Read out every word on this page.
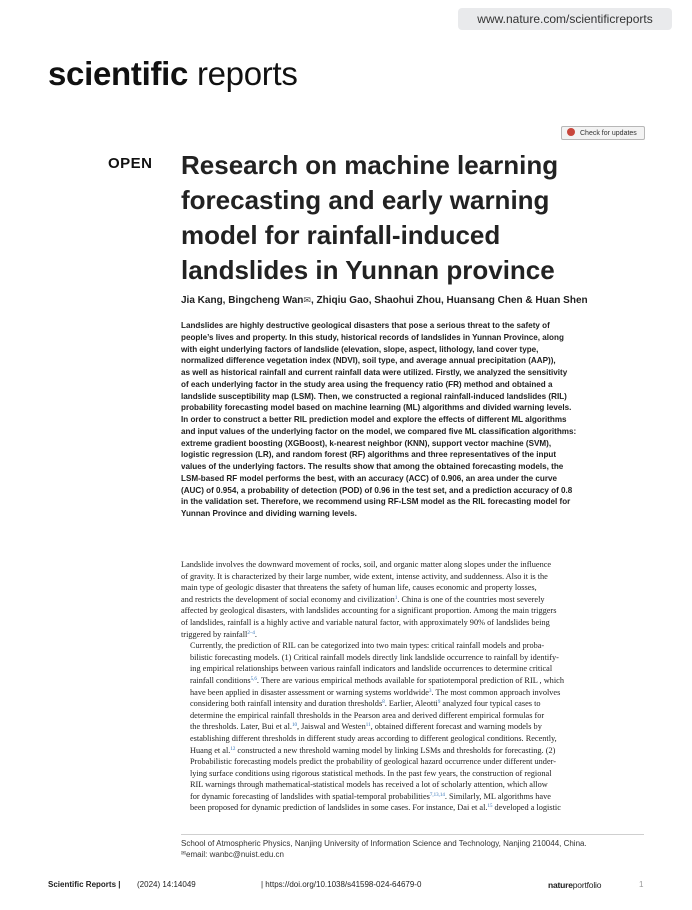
www.nature.com/scientificreports
scientific reports
Check for updates
OPEN Research on machine learning
forecasting and early warning
model for rainfall-induced
landslides in Yunnan province
Jia Kang, Bingcheng Wan✉, Zhiqiu Gao, Shaohui Zhou, Huansang Chen & Huan Shen
Landslides are highly destructive geological disasters that pose a serious threat to the safety of
people’s lives and property. In this study, historical records of landslides in Yunnan Province, along
with eight underlying factors of landslide (elevation, slope, aspect, lithology, land cover type,
normalized difference vegetation index (NDVI), soil type, and average annual precipitation (AAP)),
as well as historical rainfall and current rainfall data were utilized. Firstly, we analyzed the sensitivity
of each underlying factor in the study area using the frequency ratio (FR) method and obtained a
landslide susceptibility map (LSM). Then, we constructed a regional rainfall-induced landslides (RIL)
probability forecasting model based on machine learning (ML) algorithms and divided warning levels.
In order to construct a better RIL prediction model and explore the effects of different ML algorithms
and input values of the underlying factor on the model, we compared five ML classification algorithms:
extreme gradient boosting (XGBoost), k-nearest neighbor (KNN), support vector machine (SVM),
logistic regression (LR), and random forest (RF) algorithms and three representatives of the input
values of the underlying factors. The results show that among the obtained forecasting models, the
LSM-based RF model performs the best, with an accuracy (ACC) of 0.906, an area under the curve
(AUC) of 0.954, a probability of detection (POD) of 0.96 in the test set, and a prediction accuracy of 0.8
in the validation set. Therefore, we recommend using RF-LSM model as the RIL forecasting model for
Yunnan Province and dividing warning levels.

Landslide involves the downward movement of rocks, soil, and organic matter along slopes under the influence
of gravity. It is characterized by their large number, wide extent, intense activity, and suddenness. Also it is the
main type of geologic disaster that threatens the safety of human life, causes economic and property losses,
and restricts the development of social economy and civilization$^1$. China is one of the countries most severely
affected by geological disasters, with landslides accounting for a significant proportion. Among the main triggers
of landslides, rainfall is a highly active and variable natural factor, with approximately 90% of landslides being
triggered by rainfall$^{2-4}$.

Currently, the prediction of RIL can be categorized into two main types: critical rainfall models and proba-
bilistic forecasting models. (1) Critical rainfall models directly link landslide occurrence to rainfall by identify-
ing empirical relationships between various rainfall indicators and landslide occurrences to determine critical
rainfall conditions$^{5,6}$. There are various empirical methods available for spatiotemporal prediction of RIL , which
have been applied in disaster assessment or warning systems worldwide$^3$. The most common approach involves
considering both rainfall intensity and duration thresholds$^8$. Earlier, Aleotti$^9$ analyzed four typical cases to
determine the empirical rainfall thresholds in the Pearson area and derived different empirical formulas for
the thresholds. Later, Bui et al.$^{10}$, Jaiswal and Westen$^{11}$, obtained different forecast and warning models by
establishing different thresholds in different study areas according to different geological conditions. Recently,
Huang et al.$^{12}$ constructed a new threshold warning model by linking LSMs and thresholds for forecasting. (2)
Probabilistic forecasting models predict the probability of geological hazard occurrence under different under-
lying surface conditions using rigorous statistical methods. In the past few years, the construction of regional
RIL warnings through mathematical-statistical models has received a lot of scholarly attention, which allow
for dynamic forecasting of landslides with spatial-temporal probabilities$^{7,13,14}$. Similarly, ML algorithms have
been proposed for dynamic prediction of landslides in some cases. For instance, Dai et al.$^{15}$ developed a logistic

School of Atmospheric Physics, Nanjing University of Information Science and Technology, Nanjing 210044, China.
✉email: wanbc@nuist.edu.cn
Scientific Reports | (2024) 14:14049	| https://doi.org/10.1038/s41598-024-64679-0	natureportfolio	1
